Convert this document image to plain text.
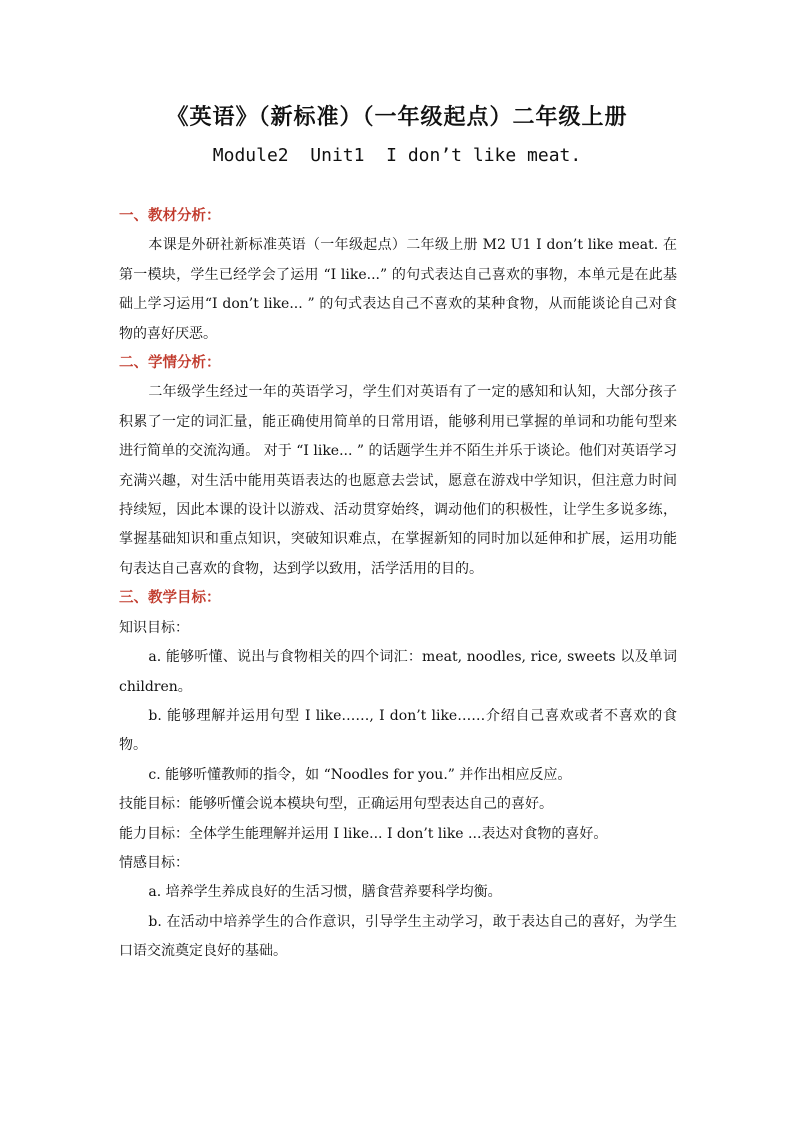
《英语》（新标准）（一年级起点）二年级上册
Module2  Unit1  I don’t like meat.

一、教材分析：

本课是外研社新标准英语（一年级起点）二年级上册 M2 U1 I don’t like meat. 在第一模块，学生已经学会了运用 “I like...” 的句式表达自己喜欢的事物，本单元是在此基础上学习运用“I don’t like... ” 的句式表达自己不喜欢的某种食物，从而能谈论自己对食物的喜好厌恶。

二、学情分析：

二年级学生经过一年的英语学习，学生们对英语有了一定的感知和认知，大部分孩子积累了一定的词汇量，能正确使用简单的日常用语，能够利用已掌握的单词和功能句型来进行简单的交流沟通。 对于 “I like... ” 的话题学生并不陌生并乐于谈论。他们对英语学习充满兴趣，对生活中能用英语表达的也愿意去尝试，愿意在游戏中学知识，但注意力时间持续短，因此本课的设计以游戏、活动贯穿始终，调动他们的积极性，让学生多说多练，掌握基础知识和重点知识，突破知识难点，在掌握新知的同时加以延伸和扩展，运用功能句表达自己喜欢的食物，达到学以致用，活学活用的目的。

三、教学目标：

知识目标：

a. 能够听懂、说出与食物相关的四个词汇：meat, noodles, rice, sweets 以及单词 children。

b. 能够理解并运用句型 I like……, I don’t like……介绍自己喜欢或者不喜欢的食物。

c. 能够听懂教师的指令，如 “Noodles for you.” 并作出相应反应。

技能目标：能够听懂会说本模块句型，正确运用句型表达自己的喜好。

能力目标：全体学生能理解并运用 I like... I don’t like ...表达对食物的喜好。

情感目标：

a. 培养学生养成良好的生活习惯，膳食营养要科学均衡。

b. 在活动中培养学生的合作意识，引导学生主动学习，敢于表达自己的喜好，为学生口语交流奠定良好的基础。
